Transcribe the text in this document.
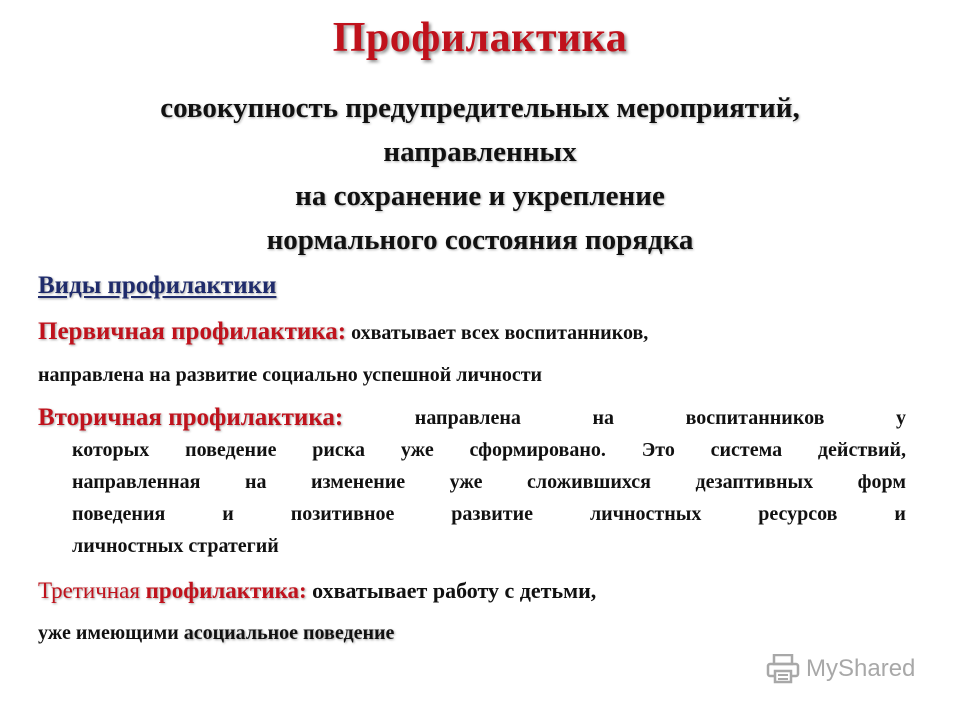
Профилактика
совокупность предупредительных мероприятий,
направленных
на сохранение и укрепление
нормального состояния порядка
Виды профилактики
Первичная профилактика: охватывает всех воспитанников,
направлена на развитие социально успешной личности
Вторичная профилактика:	направлена	на	воспитанников	у
которых поведение риска уже сформировано. Это система действий,
направленная на изменение уже сложившихся дезаптивных форм
поведения	и	позитивное	развитие	личностных	ресурсов	и
личностных стратегий
Третичная профилактика: охватывает работу с детьми,
уже имеющими асоциальное поведение
MyShared
